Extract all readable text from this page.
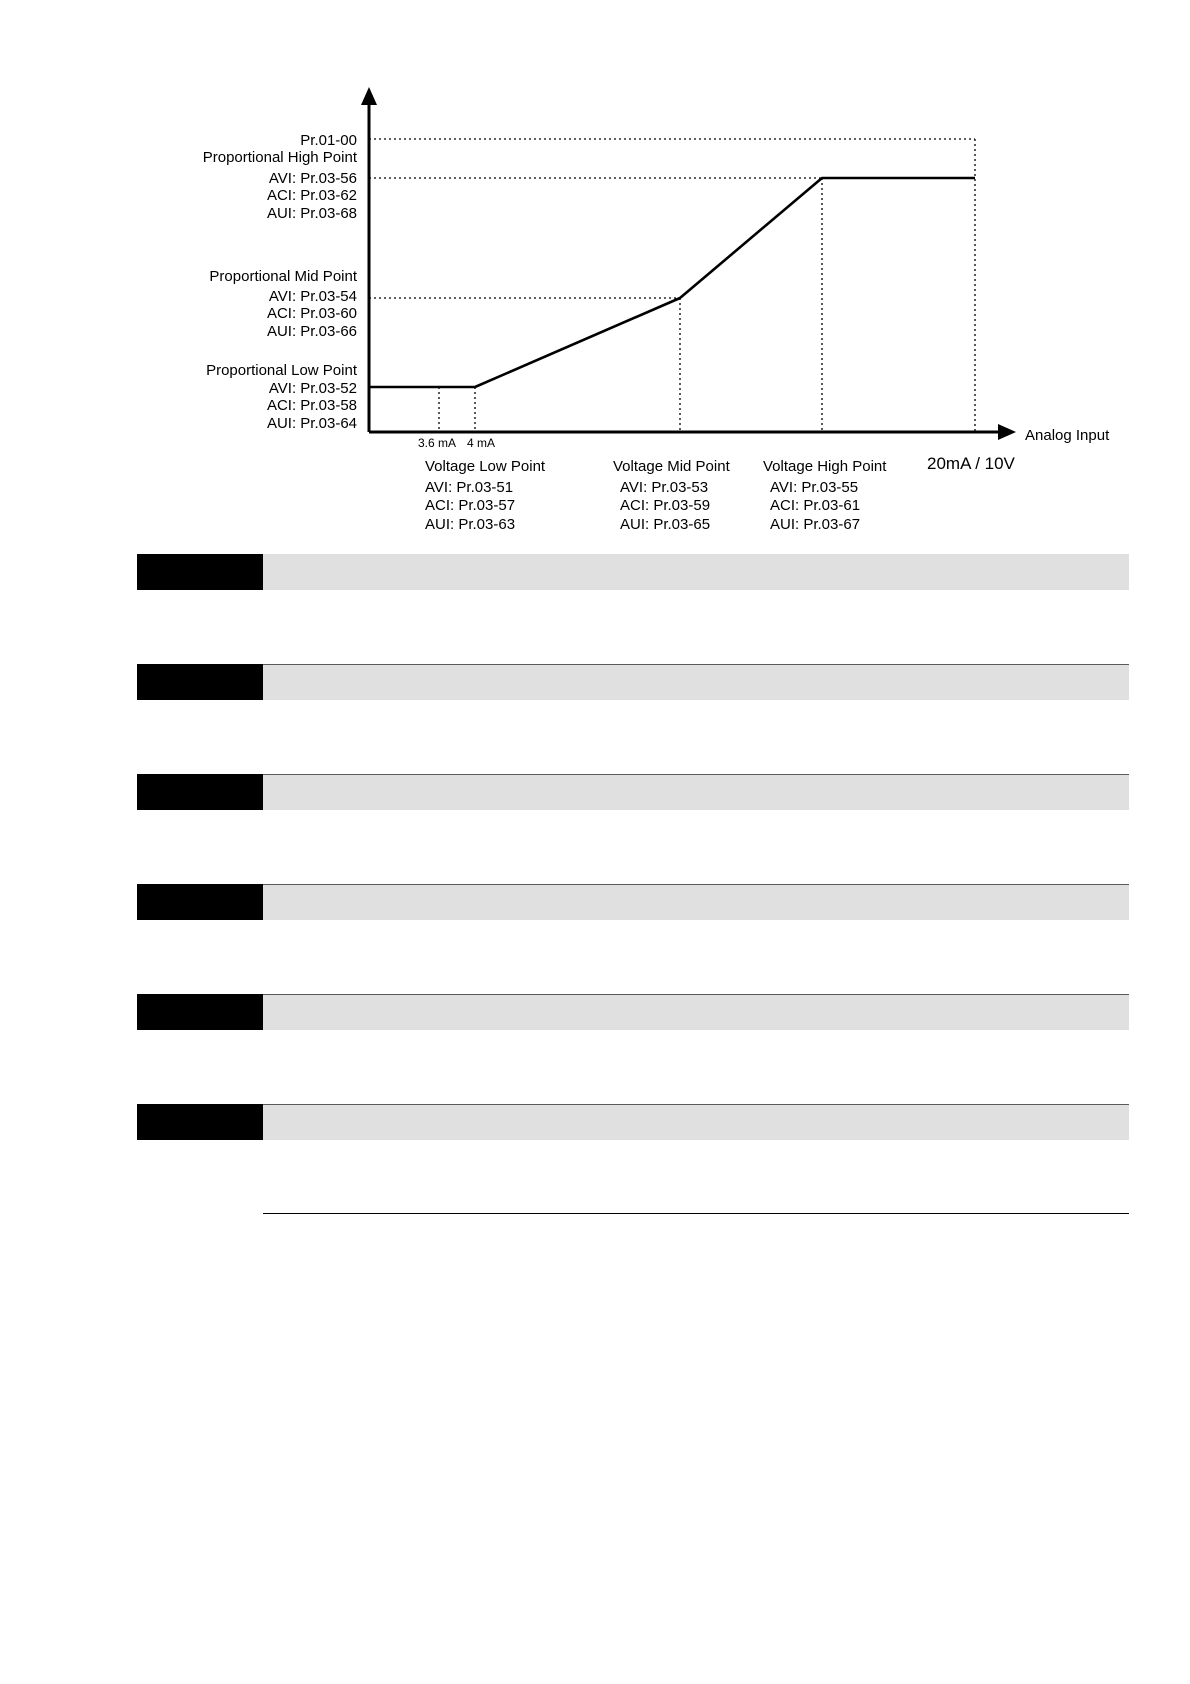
Pr.01-00
Proportional High Point
AVI: Pr.03-56
ACI: Pr.03-62
AUI: Pr.03-68
Proportional Mid Point
AVI: Pr.03-54
ACI: Pr.03-60
AUI: Pr.03-66
Proportional Low Point
AVI: Pr.03-52
ACI: Pr.03-58
AUI: Pr.03-64
3.6 mA 4 mA
Voltage Low Point
AVI: Pr.03-51
ACI: Pr.03-57
AUI: Pr.03-63
Voltage Mid Point
AVI: Pr.03-53
ACI: Pr.03-59
AUI: Pr.03-65
Voltage High Point
AVI: Pr.03-55
ACI: Pr.03-61
AUI: Pr.03-67
Analog Input
20mA / 10V
